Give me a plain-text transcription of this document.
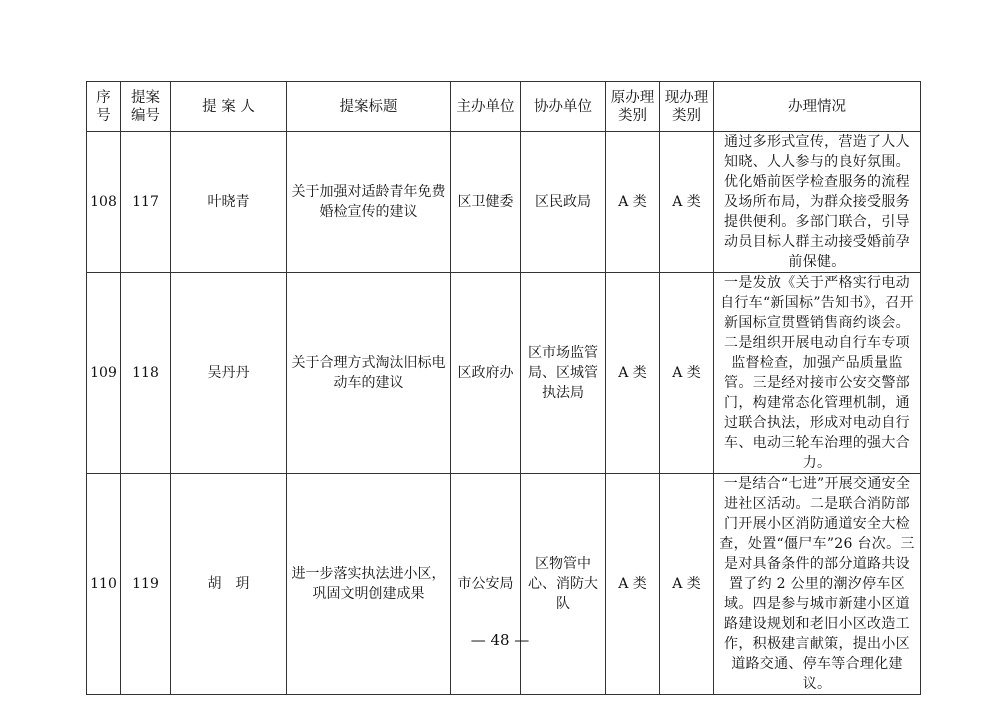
序号	提案编号	提 案 人	提案标题	主办单位	协办单位	原办理类别	现办理类别	办理情况
108	117	叶晓青	关于加强对适龄青年免费婚检宣传的建议	区卫健委	区民政局	A 类	A 类	通过多形式宣传，营造了人人知晓、人人参与的良好氛围。优化婚前医学检查服务的流程及场所布局，为群众接受服务提供便利。多部门联合，引导动员目标人群主动接受婚前孕前保健。
109	118	吴丹丹	关于合理方式淘汰旧标电动车的建议	区政府办	区市场监管局、区城管执法局	A 类	A 类	一是发放《关于严格实行电动自行车“新国标”告知书》，召开新国标宣贯暨销售商约谈会。二是组织开展电动自行车专项监督检查，加强产品质量监管。三是经对接市公安交警部门，构建常态化管理机制，通过联合执法，形成对电动自行车、电动三轮车治理的强大合力。
110	119	胡　玥	进一步落实执法进小区，巩固文明创建成果	市公安局	区物管中心、消防大队	A 类	A 类	一是结合“七进”开展交通安全进社区活动。二是联合消防部门开展小区消防通道安全大检查，处置“僵尸车”26 台次。三是对具备条件的部分道路共设置了约 2 公里的潮汐停车区域。四是参与城市新建小区道路建设规划和老旧小区改造工作，积极建言献策，提出小区道路交通、停车等合理化建议。
— 48 —
